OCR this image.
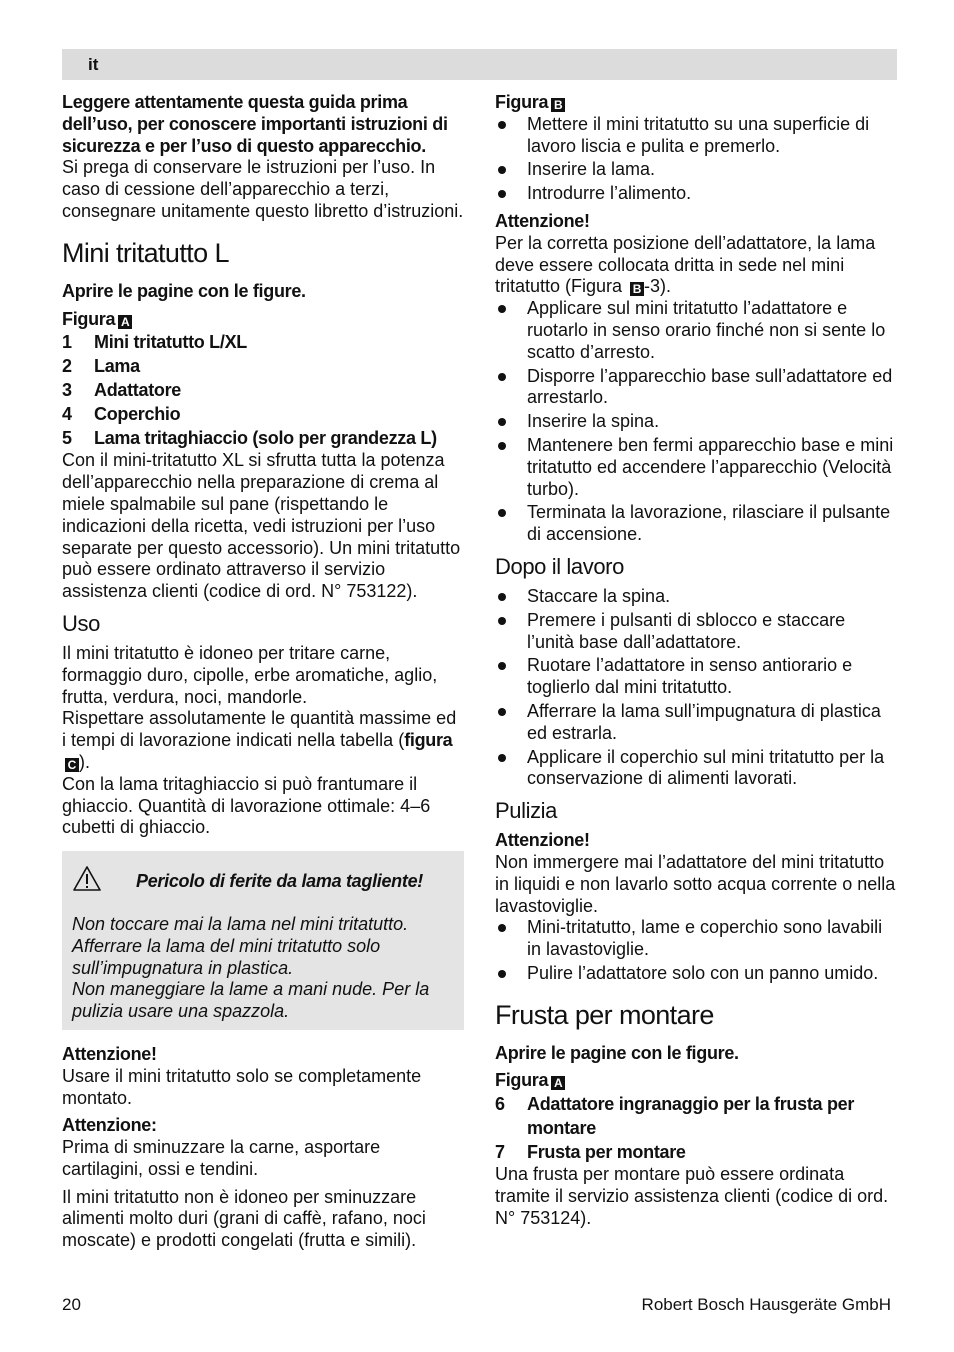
it

Leggere attentamente questa guida prima dell’uso, per conoscere importanti istruzioni di sicurezza e per l’uso di questo apparecchio.

Si prega di conservare le istruzioni per l’uso. In caso di cessione dell’apparecchio a terzi, consegnare unitamente questo libretto d’istruzioni.

Mini tritatutto L

Aprire le pagine con le figure.

Figura A

1	Mini tritatutto L/XL
2	Lama
3	Adattatore
4	Coperchio
5	Lama tritaghiaccio (solo per grandezza L)

Con il mini-tritatutto XL si sfrutta tutta la potenza dell’apparecchio nella preparazione di crema al miele spalmabile sul pane (rispettando le indicazioni della ricetta, vedi istruzioni per l’uso separate per questo accessorio). Un mini tritatutto può essere ordinato attraverso il servizio assistenza clienti (codice di ord. N° 753122).

Uso

Il mini tritatutto è idoneo per tritare carne, formaggio duro, cipolle, erbe aromatiche, aglio, frutta, verdura, noci, mandorle.

Rispettare assolutamente le quantità massime ed i tempi di lavorazione indicati nella tabella (figuraC ).

Con la lama tritaghiaccio si può frantumare il ghiaccio. Quantità di lavorazione ottimale: 4–6 cubetti di ghiaccio.

Pericolo di ferite da lama tagliente!

Non toccare mai la lama nel mini tritatutto. Afferrare la lama del mini tritatutto solo sull’impugnatura in plastica.

Non maneggiare la lame a mani nude. Per la pulizia usare una spazzola.

Attenzione!

Usare il mini tritatutto solo se completamente montato.

Attenzione:

Prima di sminuzzare la carne, asportare cartilagini, ossi e tendini.

Il mini tritatutto non è idoneo per sminuzzare alimenti molto duri (grani di caffè, rafano, noci moscate) e prodotti congelati (frutta e simili).

Figura B

Mettere il mini tritatutto su una superficie di lavoro liscia e pulita e premerlo.
Inserire la lama.
Introdurre l’alimento.

Attenzione!

Per la corretta posizione dell’adattatore, la lama deve essere collocata dritta in sede nel mini tritatutto (Figura B -3).

Applicare sul mini tritatutto l’adattatore e ruotarlo in senso orario finché non si sente lo scatto d’arresto.
Disporre l’apparecchio base sull’adattatore ed arrestarlo.
Inserire la spina.
Mantenere ben fermi apparecchio base e mini tritatutto ed accendere l’apparecchio (Velocità turbo).
Terminata la lavorazione, rilasciare il pulsante di accensione.
Dopo il lavoro
Staccare la spina.
Premere i pulsanti di sblocco e staccare l’unità base dall’adattatore.
Ruotare l’adattatore in senso antiorario e toglierlo dal mini tritatutto.
Afferrare la lama sull’impugnatura di plastica ed estrarla.
Applicare il coperchio sul mini tritatutto per la conservazione di alimenti lavorati.
Pulizia

Attenzione!

Non immergere mai l’adattatore del mini tritatutto in liquidi e non lavarlo sotto acqua corrente o nella lavastoviglie.

Mini-tritatutto, lame e coperchio sono lavabili in lavastoviglie.
Pulire l’adattatore solo con un panno umido.
Frusta per montare

Aprire le pagine con le figure.

Figura A

6	Adattatore ingranaggio per la frusta per montare
7	Frusta per montare

Una frusta per montare può essere ordinata tramite il servizio assistenza clienti (codice di ord. N° 753124).

20	Robert Bosch Hausgeräte GmbH
